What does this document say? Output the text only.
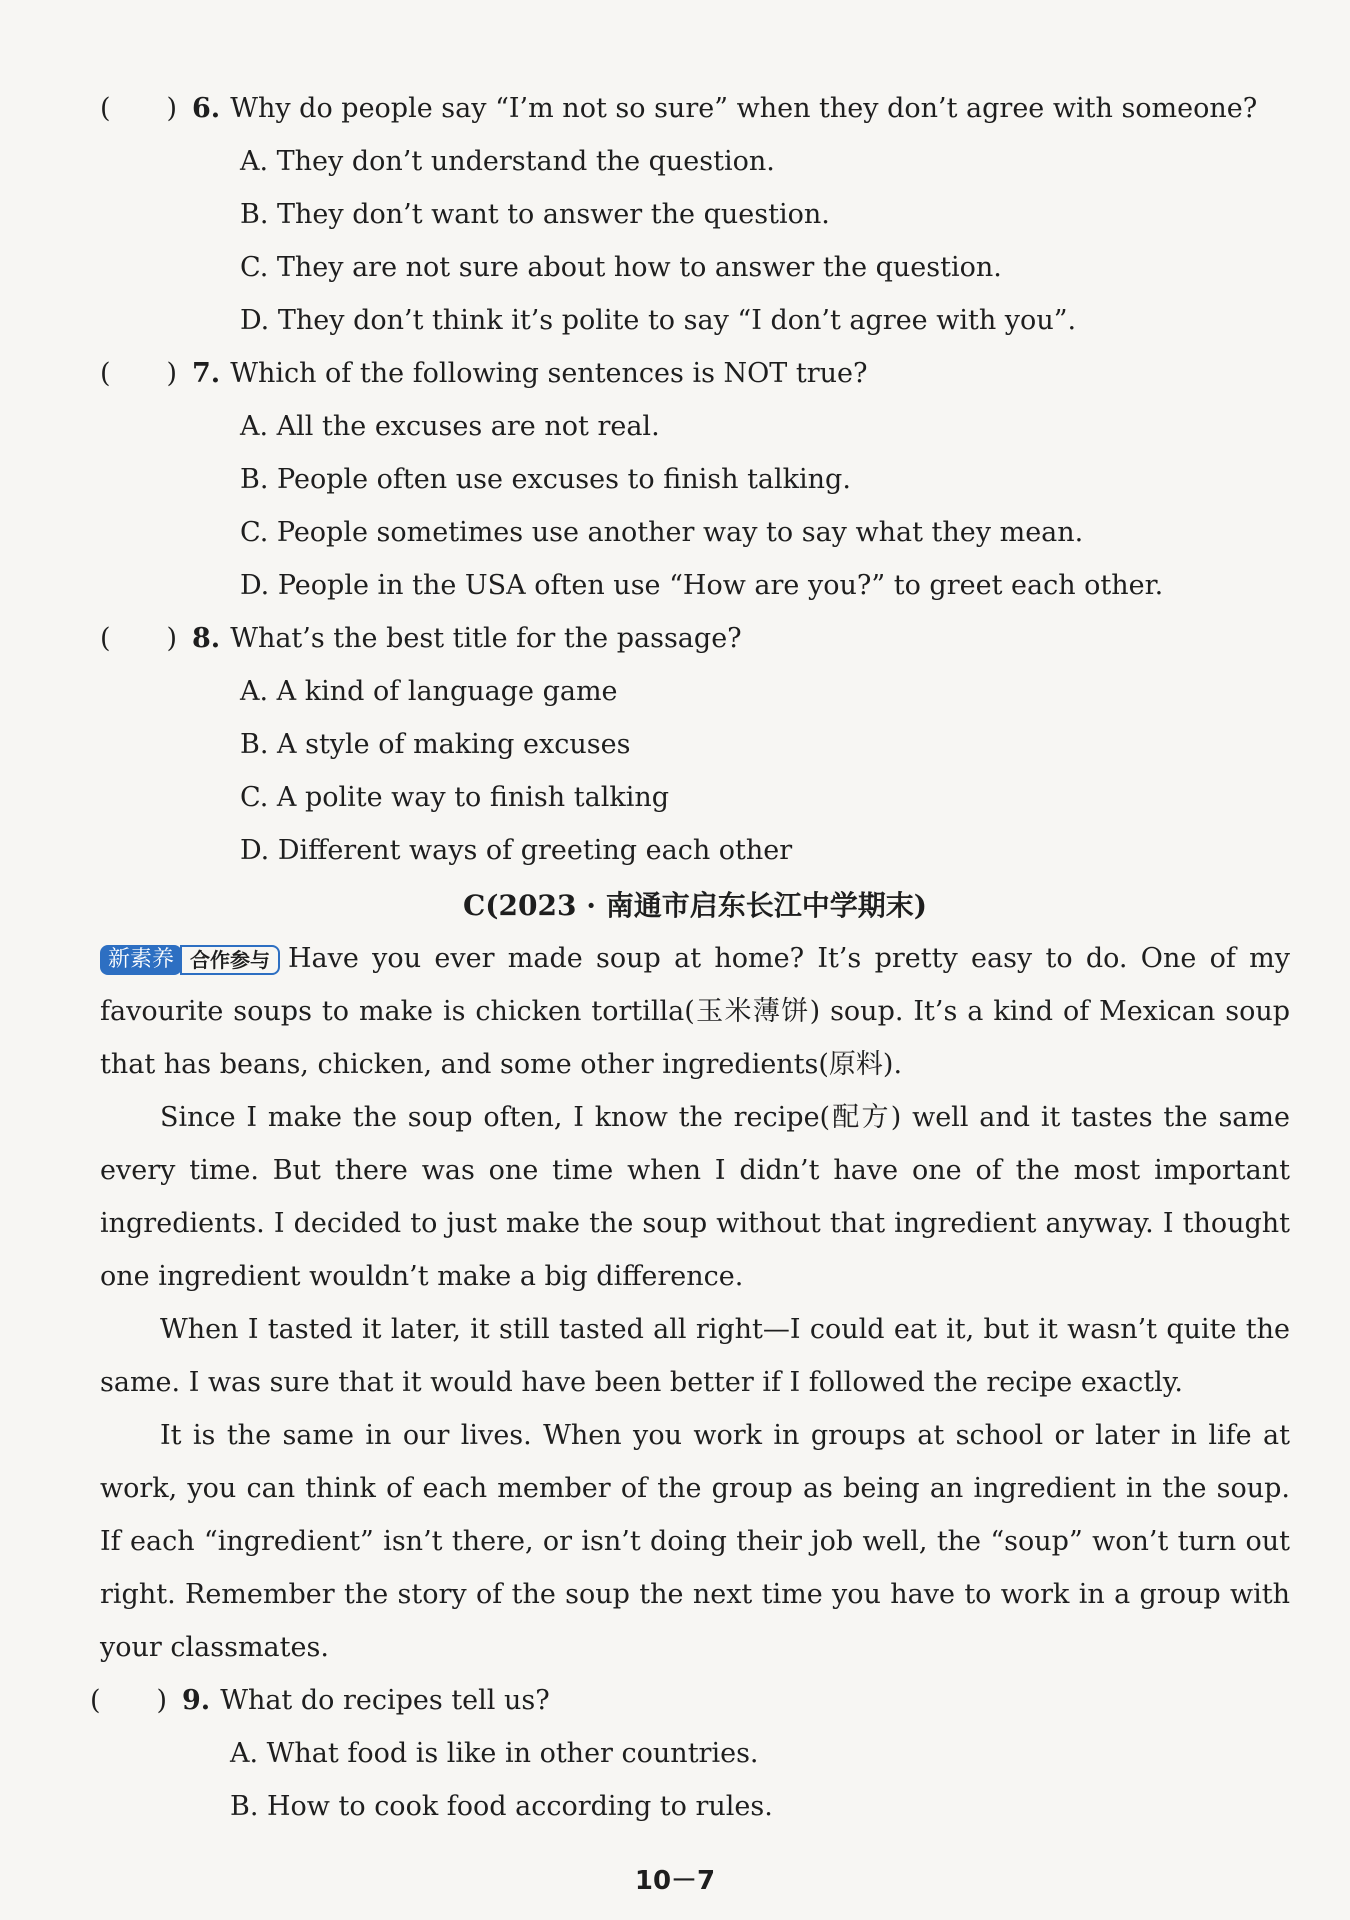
( ) 6. Why do people say “I’m not so sure” when they don’t agree with someone?
A. They don’t understand the question.
B. They don’t want to answer the question.
C. They are not sure about how to answer the question.
D. They don’t think it’s polite to say “I don’t agree with you”.
( ) 7. Which of the following sentences is NOT true?
A. All the excuses are not real.
B. People often use excuses to finish talking.
C. People sometimes use another way to say what they mean.
D. People in the USA often use “How are you?” to greet each other.
( ) 8. What’s the best title for the passage?
A. A kind of language game
B. A style of making excuses
C. A polite way to finish talking
D. Different ways of greeting each other
C(2023 · 南通市启东长江中学期末)

新素养 合作参与 Have you ever made soup at home? It’s pretty easy to do. One of my favourite soups to make is chicken tortilla(玉米薄饼) soup. It’s a kind of Mexican soup that has beans, chicken, and some other ingredients(原料).

Since I make the soup often, I know the recipe(配方) well and it tastes the same every time. But there was one time when I didn’t have one of the most important ingredients. I decided to just make the soup without that ingredient anyway. I thought one ingredient wouldn’t make a big difference.

When I tasted it later, it still tasted all right—I could eat it, but it wasn’t quite the same. I was sure that it would have been better if I followed the recipe exactly.

It is the same in our lives. When you work in groups at school or later in life at work, you can think of each member of the group as being an ingredient in the soup. If each “ingredient” isn’t there, or isn’t doing their job well, the “soup” won’t turn out right. Remember the story of the soup the next time you have to work in a group with your classmates.

( ) 9. What do recipes tell us?
A. What food is like in other countries.
B. How to cook food according to rules.
10－7
